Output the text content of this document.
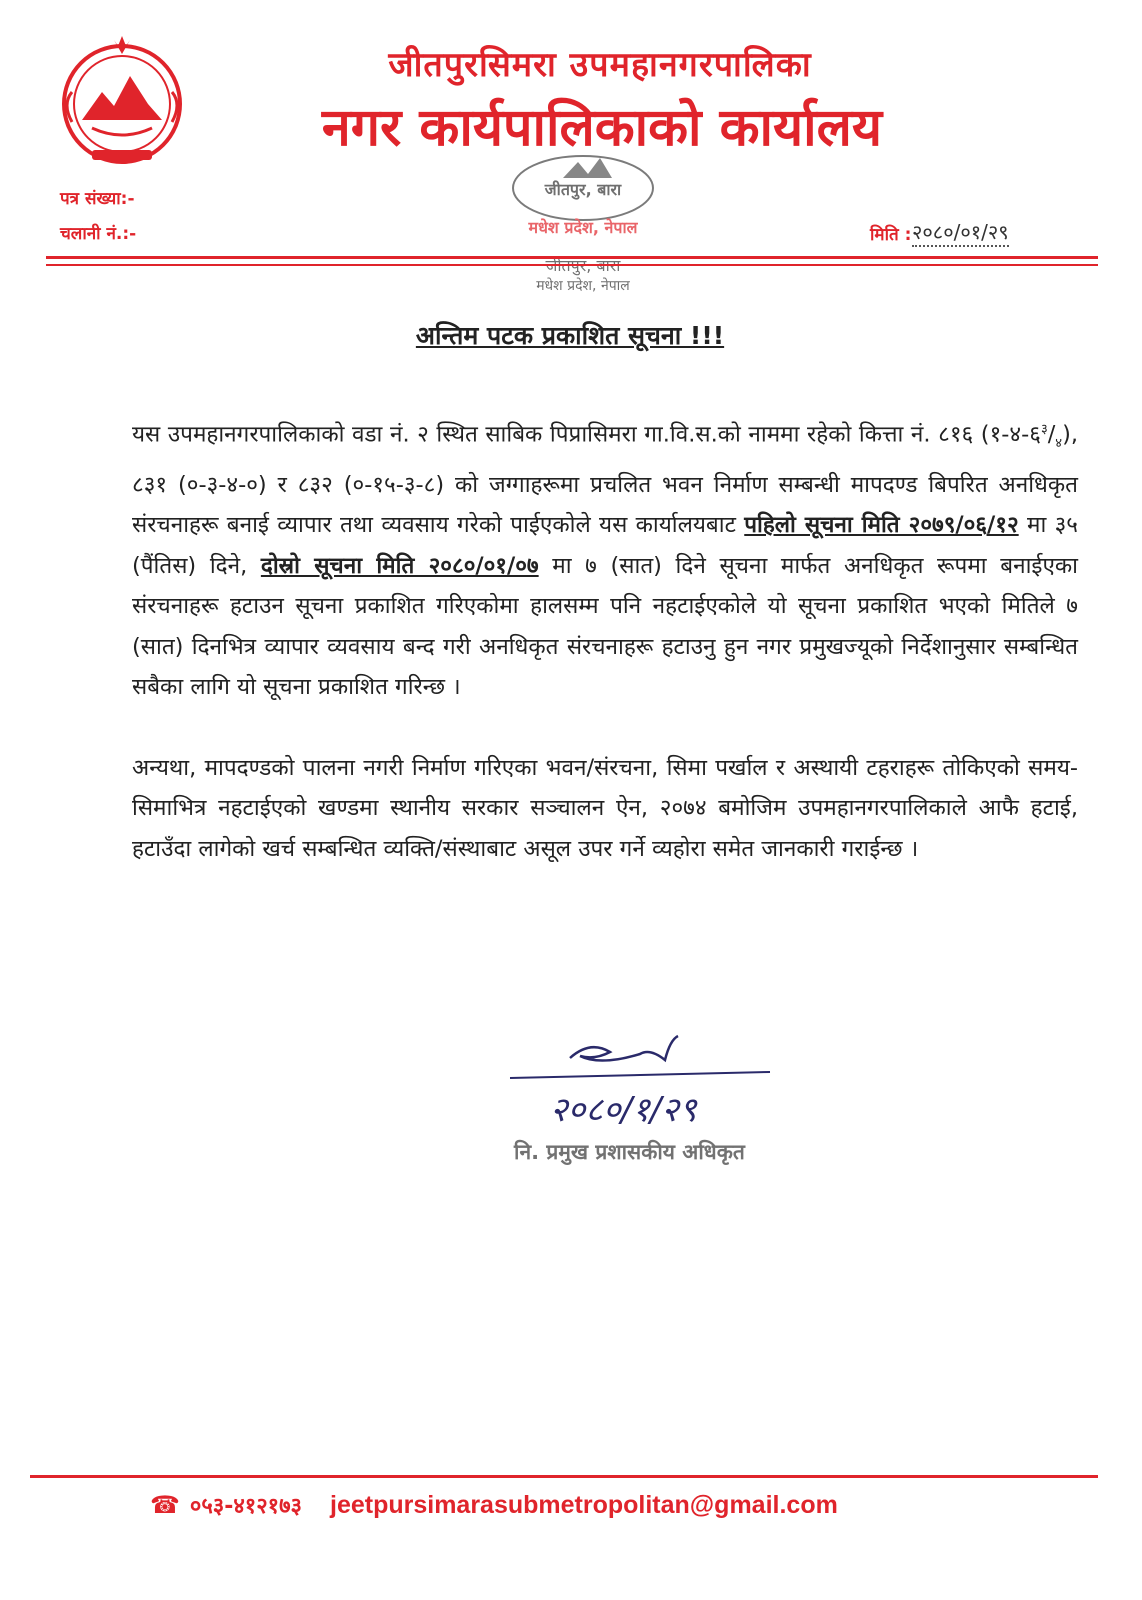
जीतपुरसिमरा उपमहानगरपालिका
नगर कार्यपालिकाको कार्यालय
पत्र संख्या:-
चलानी नं.:-	मिति : २०८०/०१/२९
जीतपुर, बारा
मधेश प्रदेश, नेपाल
मधेश प्रदेश, नेपाल
अन्तिम पटक प्रकाशित सूचना !!!

यस उपमहानगरपालिकाको वडा नं. २ स्थित साबिक पिप्रासिमरा गा.वि.स.को नाममा रहेको कित्ता नं. ८१६ $(१-४-६^३/_४)$, ८३१ (०-३-४-०) र ८३२ (०-१५-३-८) को जग्गाहरूमा प्रचलित भवन निर्माण सम्बन्धी मापदण्ड बिपरित अनधिकृत संरचनाहरू बनाई व्यापार तथा व्यवसाय गरेको पाईएकोले यस कार्यालयबाट पहिलो सूचना मिति २०७९/०६/१२ मा ३५ (पैंतिस) दिने, दोस्रो सूचना मिति २०८०/०१/०७ मा ७ (सात) दिने सूचना मार्फत अनधिकृत रूपमा बनाईएका संरचनाहरू हटाउन सूचना प्रकाशित गरिएकोमा हालसम्म पनि नहटाईएकोले यो सूचना प्रकाशित भएको मितिले ७ (सात) दिनभित्र व्यापार व्यवसाय बन्द गरी अनधिकृत संरचनाहरू हटाउनु हुन नगर प्रमुखज्यूको निर्देशानुसार सम्बन्धित सबैका लागि यो सूचना प्रकाशित गरिन्छ ।

अन्यथा, मापदण्डको पालना नगरी निर्माण गरिएका भवन/संरचना, सिमा पर्खाल र अस्थायी टहराहरू तोकिएको समय-सिमाभित्र नहटाईएको खण्डमा स्थानीय सरकार सञ्चालन ऐन, २०७४ बमोजिम उपमहानगरपालिकाले आफै हटाई, हटाउँदा लागेको खर्च सम्बन्धित व्यक्ति/संस्थाबाट असूल उपर गर्ने व्यहोरा समेत जानकारी गराईन्छ ।

२०८०/१/२९
नि. प्रमुख प्रशासकीय अधिकृत
☎ ०५३-४१२१७३ jeetpursimarasubmetropolitan@gmail.com
